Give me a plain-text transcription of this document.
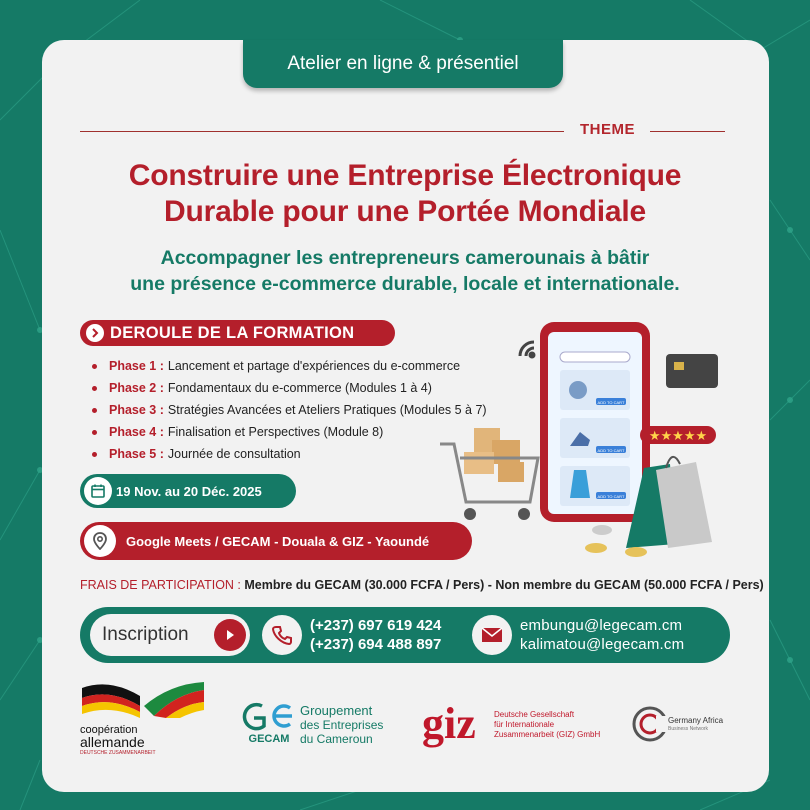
Atelier en ligne & présentiel
THEME
Construire une Entreprise Électronique
Durable pour une Portée Mondiale
Accompagner les entrepreneurs camerounais à bâtir
une présence e-commerce durable, locale et internationale.
DEROULE DE LA FORMATION
Phase 1 : Lancement et partage d'expériences du e-commerce
Phase 2 : Fondamentaux du e-commerce (Modules 1 à 4)
Phase 3 : Stratégies Avancées et Ateliers Pratiques (Modules 5 à 7)
Phase 4 : Finalisation et Perspectives (Module 8)
Phase 5 : Journée de consultation
ADD TO CART
ADD TO CART
ADD TO CART
★★★★★
19 Nov. au 20 Déc. 2025
Google Meets / GECAM - Douala & GIZ - Yaoundé
FRAIS DE PARTICIPATION : Membre du GECAM (30.000 FCFA / Pers) - Non membre du GECAM (50.000 FCFA / Pers)
Inscription	(+237) 697 619 424
(+237) 694 488 897
embungu@legecam.cm
kalimatou@legecam.cm
coopération
allemande
DEUTSCHE ZUSAMMENARBEIT
GECAM
Groupement
des Entreprises
du Cameroun giz Deutsche Gesellschaft
für Internationale
Zusammenarbeit (GIZ) GmbH
Germany Africa
Business Network
